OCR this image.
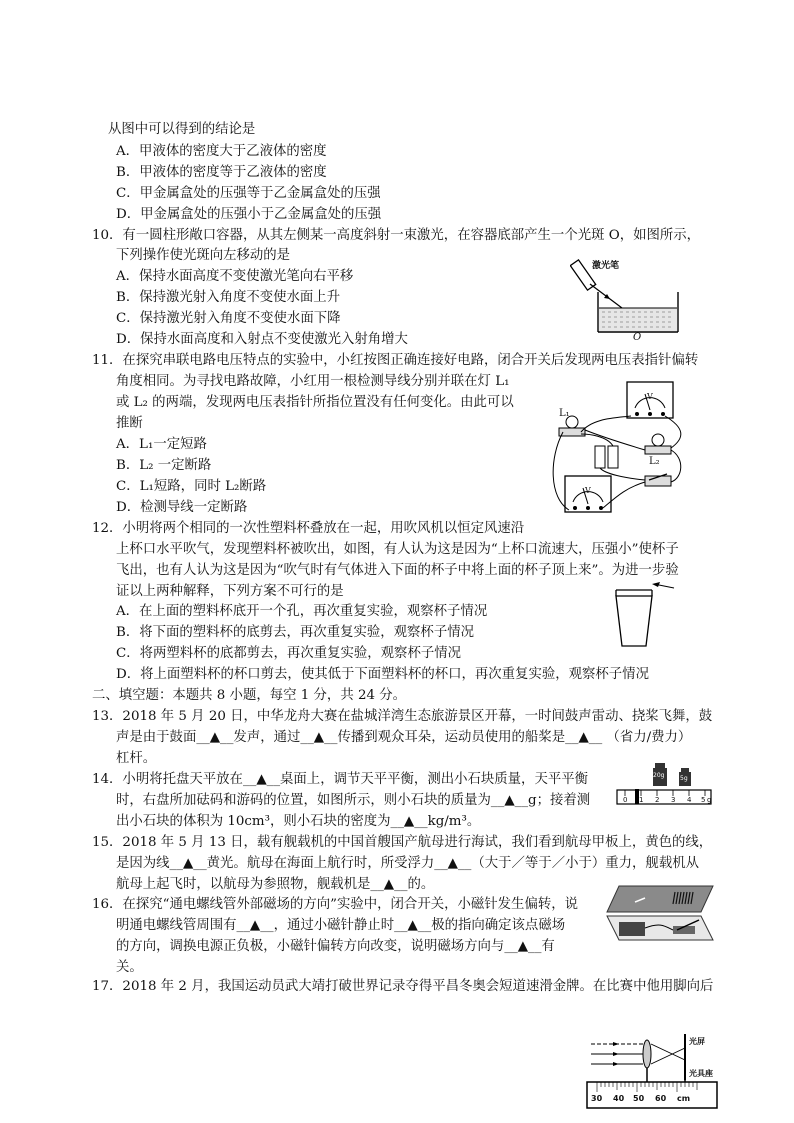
从图中可以得到的结论是
A．甲液体的密度大于乙液体的密度
B．甲液体的密度等于乙液体的密度
C．甲金属盒处的压强等于乙金属盒处的压强
D．甲金属盒处的压强小于乙金属盒处的压强
10．有一圆柱形敞口容器，从其左侧某一高度斜射一束激光，在容器底部产生一个光斑 O，如图所示，
下列操作使光斑向左移动的是
A．保持水面高度不变使激光笔向右平移
B．保持激光射入角度不变使水面上升
C．保持激光射入角度不变使水面下降
D．保持水面高度和入射点不变使激光入射角增大
激光笔
O
11．在探究串联电路电压特点的实验中，小红按图正确连接好电路，闭合开关后发现两电压表指针偏转
角度相同。为寻找电路故障，小红用一根检测导线分别并联在灯 L₁
或 L₂ 的两端，发现两电压表指针所指位置没有任何变化。由此可以
推断
A．L₁一定短路
B．L₂ 一定断路
C．L₁短路，同时 L₂断路
D．检测导线一定断路
L₁
L₂
V
V
12．小明将两个相同的一次性塑料杯叠放在一起，用吹风机以恒定风速沿
上杯口水平吹气，发现塑料杯被吹出，如图，有人认为这是因为“上杯口流速大，压强小”使杯子
飞出，也有人认为这是因为“吹气时有气体进入下面的杯子中将上面的杯子顶上来”。为进一步验
证以上两种解释，下列方案不可行的是
A．在上面的塑料杯底开一个孔，再次重复实验，观察杯子情况
B．将下面的塑料杯的底剪去，再次重复实验，观察杯子情况
C．将两塑料杯的底都剪去，再次重复实验，观察杯子情况
D．将上面塑料杯的杯口剪去，使其低于下面塑料杯的杯口，再次重复实验，观察杯子情况
二、填空题：本题共 8 小题，每空 1 分，共 24 分。
13．2018 年 5 月 20 日，中华龙舟大赛在盐城洋湾生态旅游景区开幕，一时间鼓声雷动、挠桨飞舞，鼓
声是由于鼓面__▲__发声，通过__▲__传播到观众耳朵，运动员使用的船桨是__▲__ （省力/费力）
杠杆。
14．小明将托盘天平放在__▲__桌面上，调节天平平衡，测出小石块质量，天平平衡
时，右盘所加砝码和游码的位置，如图所示，则小石块的质量为__▲__g；接着测
出小石块的体积为 10cm³，则小石块的密度为__▲__kg/m³。
20g	5g
0 1 2 3 4 5 g
15．2018 年 5 月 13 日，载有舰载机的中国首艘国产航母进行海试，我们看到航母甲板上，黄色的线，
是因为线__▲__黄光。航母在海面上航行时，所受浮力__▲__（大于／等于／小于）重力，舰载机从
航母上起飞时，以航母为参照物，舰载机是__▲__的。
16．在探究“通电螺线管外部磁场的方向”实验中，闭合开关，小磁针发生偏转，说
明通电螺线管周围有__▲__，通过小磁针静止时__▲__极的指向确定该点磁场
的方向，调换电源正负极，小磁针偏转方向改变，说明磁场方向与__▲__有
关。
17．2018 年 2 月，我国运动员武大靖打破世界记录夺得平昌冬奥会短道速滑金牌。在比赛中他用脚向后
光屏
光具座
30 40 50 60 cm
